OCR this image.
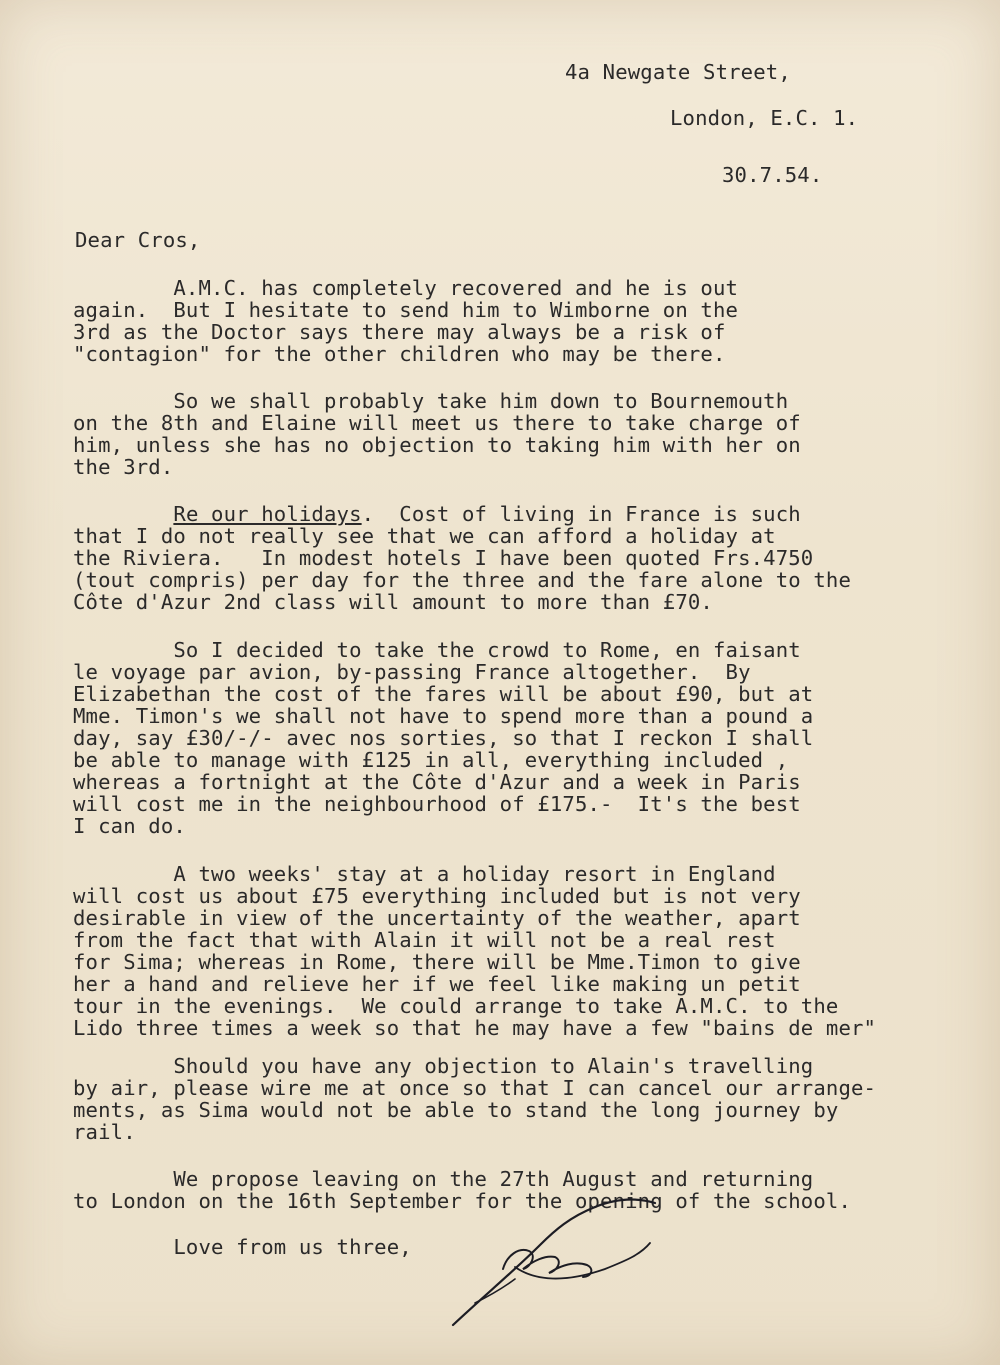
4a Newgate Street,
London, E.C. 1.
30.7.54.
Dear Cros,
A.M.C. has completely recovered and he is out
again.  But I hesitate to send him to Wimborne on the
3rd as the Doctor says there may always be a risk of
"contagion" for the other children who may be there.
So we shall probably take him down to Bournemouth
on the 8th and Elaine will meet us there to take charge of
him, unless she has no objection to taking him with her on
the 3rd.
Re our holidays.  Cost of living in France is such
that I do not really see that we can afford a holiday at
the Riviera.   In modest hotels I have been quoted Frs.4750
(tout compris) per day for the three and the fare alone to the
Côte d'Azur 2nd class will amount to more than £70.
So I decided to take the crowd to Rome, en faisant
le voyage par avion, by-passing France altogether.  By
Elizabethan the cost of the fares will be about £90, but at
Mme. Timon's we shall not have to spend more than a pound a
day, say £30/-/- avec nos sorties, so that I reckon I shall
be able to manage with £125 in all, everything included ,
whereas a fortnight at the Côte d'Azur and a week in Paris
will cost me in the neighbourhood of £175.-  It's the best
I can do.
A two weeks' stay at a holiday resort in England
will cost us about £75 everything included but is not very
desirable in view of the uncertainty of the weather, apart
from the fact that with Alain it will not be a real rest
for Sima; whereas in Rome, there will be Mme.Timon to give
her a hand and relieve her if we feel like making un petit
tour in the evenings.  We could arrange to take A.M.C. to the
Lido three times a week so that he may have a few "bains de mer"
Should you have any objection to Alain's travelling
by air, please wire me at once so that I can cancel our arrange-
ments, as Sima would not be able to stand the long journey by
rail.
We propose leaving on the 27th August and returning
to London on the 16th September for the opening of the school.
Love from us three,
